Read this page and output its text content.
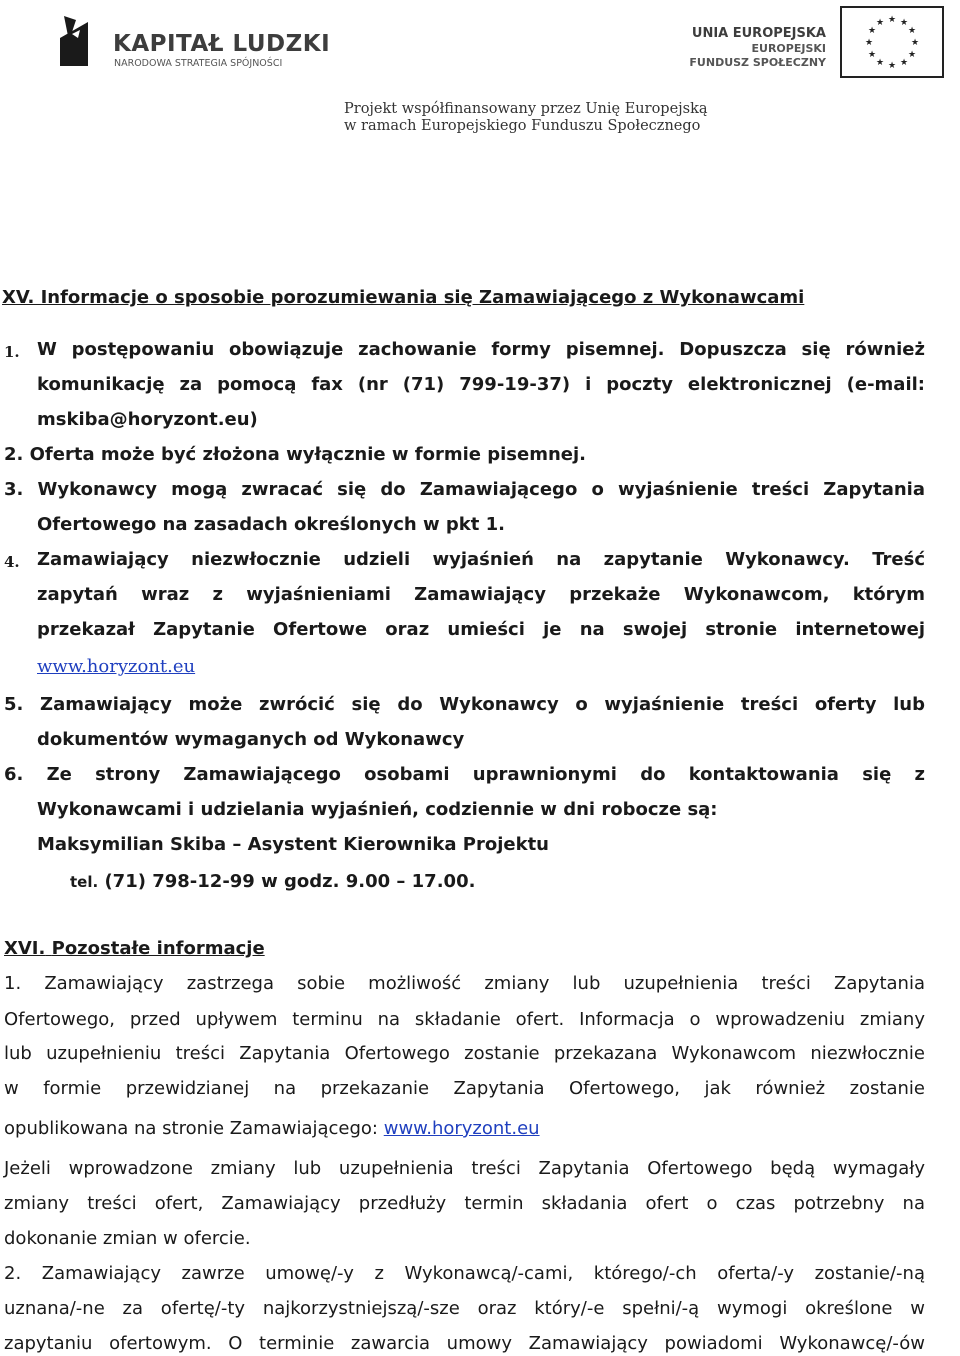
KAPITAŁ LUDZKI
NARODOWA STRATEGIA SPÓJNOŚCI
UNIA EUROPEJSKA
EUROPEJSKI
FUNDUSZ SPOŁECZNY
★ ★
★
★
★
★
★
★
★
★
★
★
Projekt współfinansowany przez Unię Europejską
w ramach Europejskiego Funduszu Społecznego
XV. Informacje o sposobie porozumiewania się Zamawiającego z Wykonawcami
1. W postępowaniu obowiązuje zachowanie formy pisemnej. Dopuszcza się również
komunikację za pomocą fax (nr (71) 799-19-37) i poczty elektronicznej (e-mail:
mskiba@horyzont.eu)
2. Oferta może być złożona wyłącznie w formie pisemnej.
3. Wykonawcy mogą zwracać się do Zamawiającego o wyjaśnienie treści Zapytania
Ofertowego na zasadach określonych w pkt 1.
4. Zamawiający niezwłocznie udzieli wyjaśnień na zapytanie Wykonawcy. Treść
zapytań wraz z wyjaśnieniami Zamawiający przekaże Wykonawcom, którym
przekazał Zapytanie Ofertowe oraz umieści je na swojej stronie internetowej
www.horyzont.eu
5. Zamawiający może zwrócić się do Wykonawcy o wyjaśnienie treści oferty lub
dokumentów wymaganych od Wykonawcy
6. Ze strony Zamawiającego osobami uprawnionymi do kontaktowania się z
Wykonawcami i udzielania wyjaśnień, codziennie w dni robocze są:
Maksymilian Skiba – Asystent Kierownika Projektu
tel. (71) 798-12-99 w godz. 9.00 – 17.00.
XVI. Pozostałe informacje
1. Zamawiający zastrzega sobie możliwość zmiany lub uzupełnienia treści Zapytania
Ofertowego, przed upływem terminu na składanie ofert. Informacja o wprowadzeniu zmiany
lub uzupełnieniu treści Zapytania Ofertowego zostanie przekazana Wykonawcom niezwłocznie
w formie przewidzianej na przekazanie Zapytania Ofertowego, jak również zostanie
opublikowana na stronie Zamawiającego: www.horyzont.eu
Jeżeli wprowadzone zmiany lub uzupełnienia treści Zapytania Ofertowego będą wymagały
zmiany treści ofert, Zamawiający przedłuży termin składania ofert o czas potrzebny na
dokonanie zmian w ofercie.
2. Zamawiający zawrze umowę/-y z Wykonawcą/-cami, którego/-ch oferta/-y zostanie/-ną
uznana/-ne za ofertę/-ty najkorzystniejszą/-sze oraz który/-e spełni/-ą wymogi określone w
zapytaniu ofertowym. O terminie zawarcia umowy Zamawiający powiadomi Wykonawcę/-ów
